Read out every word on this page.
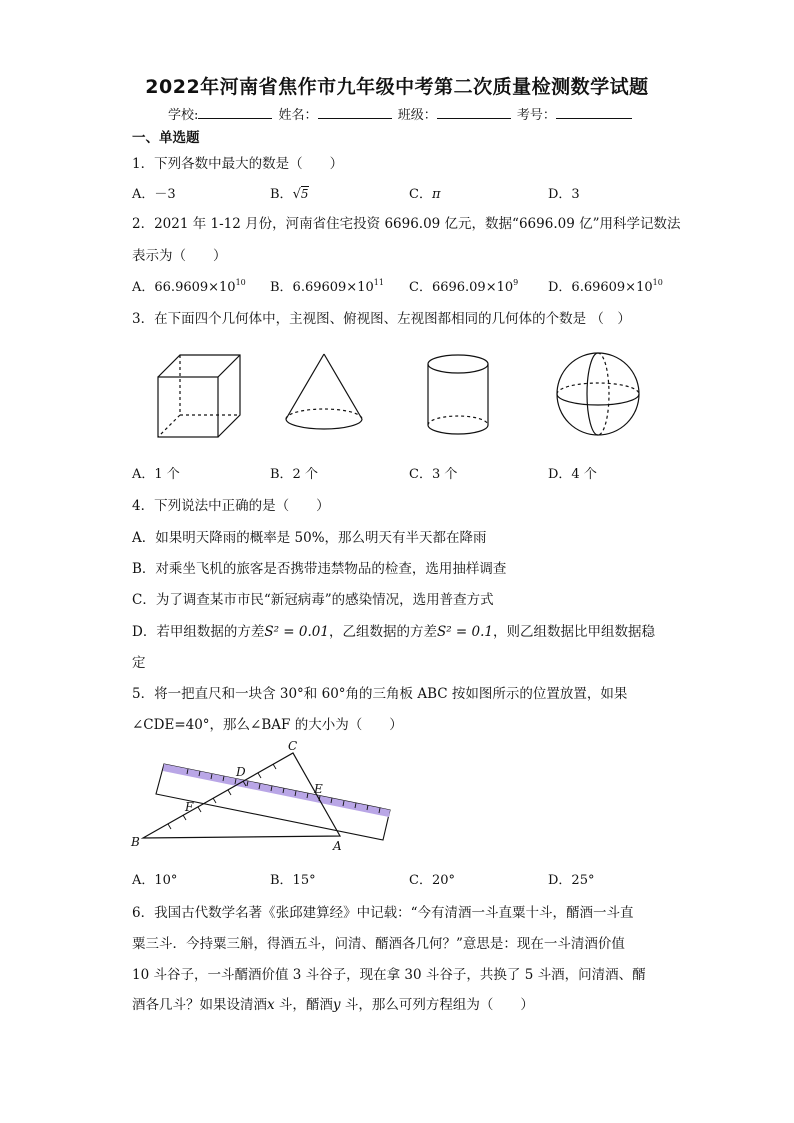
2022年河南省焦作市九年级中考第二次质量检测数学试题
学校:	姓名：	班级：	考号：
一、单选题
1．下列各数中最大的数是（　　）
A．－3	B．√5	C．π	D．3
2．2021 年 1-12 月份，河南省住宅投资 6696.09 亿元，数据“6696.09 亿”用科学记数法
表示为（　　）
A．$66.9609\times 10^{10}$ B．$6.69609\times 10^{11}$ C．$6696.09\times 10^9$ D．$6.69609\times 10^{10}$
3．在下面四个几何体中，主视图、俯视图、左视图都相同的几何体的个数是 （　）
A．1 个	B．2 个	C．3 个	D．4 个
4．下列说法中正确的是（　　）
A．如果明天降雨的概率是 50%，那么明天有半天都在降雨
B．对乘坐飞机的旅客是否携带违禁物品的检查，选用抽样调查
C．为了调查某市市民“新冠病毒”的感染情况，选用普查方式
D．若甲组数据的方差S² = 0.01，乙组数据的方差S² = 0.1，则乙组数据比甲组数据稳
定
5．将一把直尺和一块含 30°和 60°角的三角板 ABC 按如图所示的位置放置，如果
∠CDE=40°，那么∠BAF 的大小为（　　）
C
D
E
F
B	A
A．10°	B．15°	C．20°	D．25°
6．我国古代数学名著《张邱建算经》中记载：“今有清酒一斗直粟十斗，醑酒一斗直
粟三斗．今持粟三斛，得酒五斗，问清、醑酒各几何？”意思是：现在一斗清酒价值
10 斗谷子，一斗醑酒价值 3 斗谷子，现在拿 30 斗谷子，共换了 5 斗酒，问清酒、醑
酒各几斗？如果设清酒x 斗，醑酒y 斗，那么可列方程组为（　　）
